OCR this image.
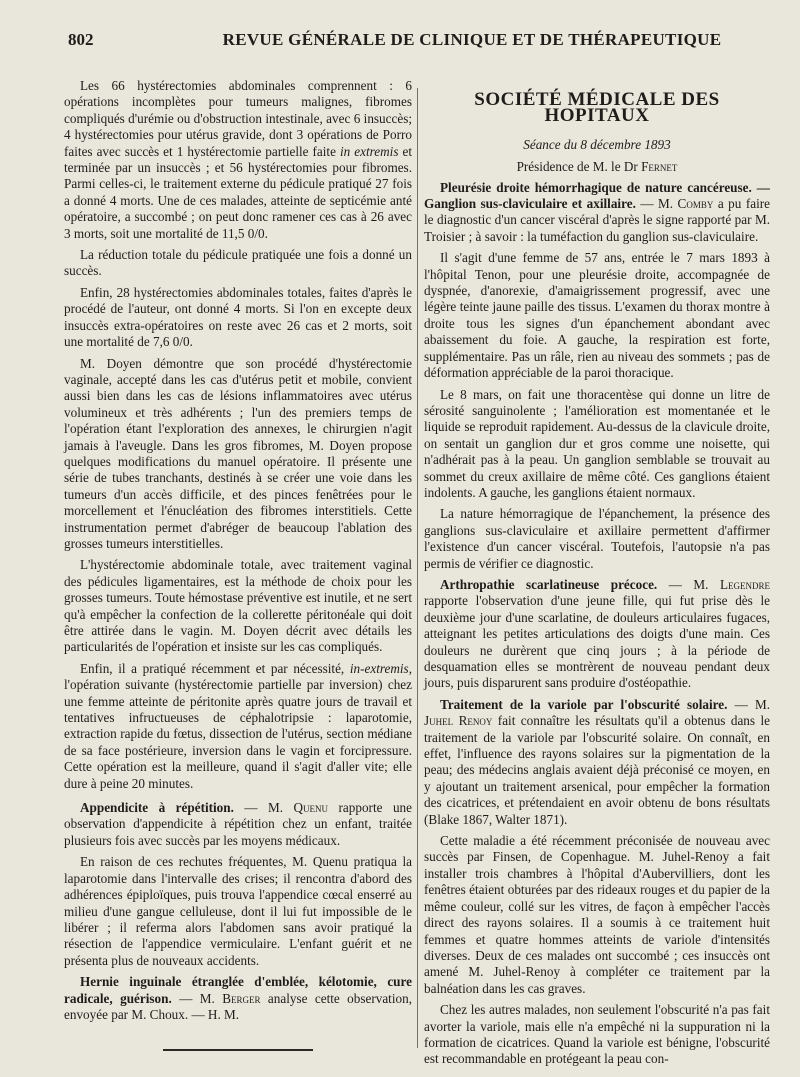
802	REVUE GÉNÉRALE DE CLINIQUE ET DE THÉRAPEUTIQUE

Les 66 hystérectomies abdominales comprennent : 6 opérations incomplètes pour tumeurs malignes, fibromes compliqués d'urémie ou d'obstruction intestinale, avec 6 insuccès; 4 hystérectomies pour utérus gravide, dont 3 opérations de Porro faites avec succès et 1 hystérectomie partielle faite in extremis et terminée par un insuccès ; et 56 hystérectomies pour fibromes. Parmi celles-ci, le traitement externe du pédicule pratiqué 27 fois a donné 4 morts. Une de ces malades, atteinte de septicémie anté opératoire, a succombé ; on peut donc ramener ces cas à 26 avec 3 morts, soit une mortalité de 11,5 0/0.

La réduction totale du pédicule pratiquée une fois a donné un succès.

Enfin, 28 hystérectomies abdominales totales, faites d'après le procédé de l'auteur, ont donné 4 morts. Si l'on en excepte deux insuccès extra-opératoires on reste avec 26 cas et 2 morts, soit une mortalité de 7,6 0/0.

M. Doyen démontre que son procédé d'hystérectomie vaginale, accepté dans les cas d'utérus petit et mobile, convient aussi bien dans les cas de lésions inflammatoires avec utérus volumineux et très adhérents ; l'un des premiers temps de l'opération étant l'exploration des annexes, le chirurgien n'agit jamais à l'aveugle. Dans les gros fibromes, M. Doyen propose quelques modifications du manuel opératoire. Il présente une série de tubes tranchants, destinés à se créer une voie dans les tumeurs d'un accès difficile, et des pinces fenêtrées pour le morcellement et l'énucléation des fibromes interstitiels. Cette instrumentation permet d'abréger de beaucoup l'ablation des grosses tumeurs interstitielles.

L'hystérectomie abdominale totale, avec traitement vaginal des pédicules ligamentaires, est la méthode de choix pour les grosses tumeurs. Toute hémostase préventive est inutile, et ne sert qu'à empêcher la confection de la collerette péritonéale qui doit être attirée dans le vagin. M. Doyen décrit avec détails les particularités de l'opération et insiste sur les cas compliqués.

Enfin, il a pratiqué récemment et par nécessité, in-extremis, l'opération suivante (hystérectomie partielle par inversion) chez une femme atteinte de péritonite après quatre jours de travail et tentatives infructueuses de céphalotripsie : laparotomie, extraction rapide du fœtus, dissection de l'utérus, section médiane de sa face postérieure, inversion dans le vagin et forcipressure. Cette opération est la meilleure, quand il s'agit d'aller vite; elle dure à peine 20 minutes.

Appendicite à répétition. — M. Quenu rapporte une observation d'appendicite à répétition chez un enfant, traitée plusieurs fois avec succès par les moyens médicaux.

En raison de ces rechutes fréquentes, M. Quenu pratiqua la laparotomie dans l'intervalle des crises; il rencontra d'abord des adhérences épiploïques, puis trouva l'appendice cœcal enserré au milieu d'une gangue celluleuse, dont il lui fut impossible de le libérer ; il referma alors l'abdomen sans avoir pratiqué la résection de l'appendice vermiculaire. L'enfant guérit et ne présenta plus de nouveaux accidents.

Hernie inguinale étranglée d'emblée, kélotomie, cure radicale, guérison. — M. Berger analyse cette observation, envoyée par M. Choux. — H. M.

SOCIÉTÉ MÉDICALE DES HOPITAUX
Séance du 8 décembre 1893
Présidence de M. le Dr Fernet

Pleurésie droite hémorrhagique de nature cancéreuse. — Ganglion sus-claviculaire et axillaire. — M. Comby a pu faire le diagnostic d'un cancer viscéral d'après le signe rapporté par M. Troisier ; à savoir : la tuméfaction du ganglion sus-claviculaire.

Il s'agit d'une femme de 57 ans, entrée le 7 mars 1893 à l'hôpital Tenon, pour une pleurésie droite, accompagnée de dyspnée, d'anorexie, d'amaigrissement progressif, avec une légère teinte jaune paille des tissus. L'examen du thorax montre à droite tous les signes d'un épanchement abondant avec abaissement du foie. A gauche, la respiration est forte, supplémentaire. Pas un râle, rien au niveau des sommets ; pas de déformation appréciable de la paroi thoracique.

Le 8 mars, on fait une thoracentèse qui donne un litre de sérosité sanguinolente ; l'amélioration est momentanée et le liquide se reproduit rapidement. Au-dessus de la clavicule droite, on sentait un ganglion dur et gros comme une noisette, qui n'adhérait pas à la peau. Un ganglion semblable se trouvait au sommet du creux axillaire de même côté. Ces ganglions étaient indolents. A gauche, les ganglions étaient normaux.

La nature hémorragique de l'épanchement, la présence des ganglions sus-claviculaire et axillaire permettent d'affirmer l'existence d'un cancer viscéral. Toutefois, l'autopsie n'a pas permis de vérifier ce diagnostic.

Arthropathie scarlatineuse précoce. — M. Legendre rapporte l'observation d'une jeune fille, qui fut prise dès le deuxième jour d'une scarlatine, de douleurs articulaires fugaces, atteignant les petites articulations des doigts d'une main. Ces douleurs ne durèrent que cinq jours ; à la période de desquamation elles se montrèrent de nouveau pendant deux jours, puis disparurent sans produire d'ostéopathie.

Traitement de la variole par l'obscurité solaire. — M. Juhel Renoy fait connaître les résultats qu'il a obtenus dans le traitement de la variole par l'obscurité solaire. On connaît, en effet, l'influence des rayons solaires sur la pigmentation de la peau; des médecins anglais avaient déjà préconisé ce moyen, en y ajoutant un traitement arsenical, pour empêcher la formation des cicatrices, et prétendaient en avoir obtenu de bons résultats (Blake 1867, Walter 1871).

Cette maladie a été récemment préconisée de nouveau avec succès par Finsen, de Copenhague. M. Juhel-Renoy a fait installer trois chambres à l'hôpital d'Aubervilliers, dont les fenêtres étaient obturées par des rideaux rouges et du papier de la même couleur, collé sur les vitres, de façon à empêcher l'accès direct des rayons solaires. Il a soumis à ce traitement huit femmes et quatre hommes atteints de variole d'intensités diverses. Deux de ces malades ont succombé ; ces insuccès ont amené M. Juhel-Renoy à compléter ce traitement par la balnéation dans les cas graves.

Chez les autres malades, non seulement l'obscurité n'a pas fait avorter la variole, mais elle n'a empêché ni la suppuration ni la formation de cicatrices. Quand la variole est bénigne, l'obscurité est recommandable en protégeant la peau con-
